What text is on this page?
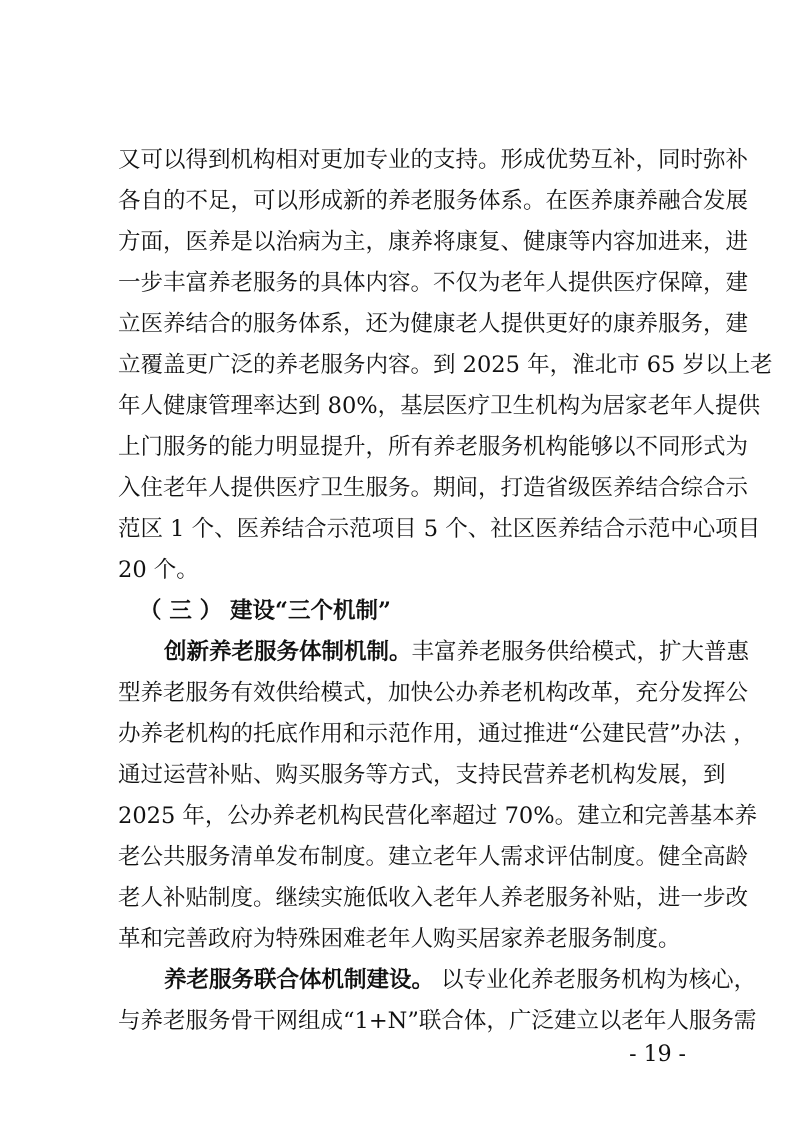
又可以得到机构相对更加专业的支持。形成优势互补，同时弥补
各自的不足，可以形成新的养老服务体系。在医养康养融合发展
方面，医养是以治病为主，康养将康复、健康等内容加进来，进
一步丰富养老服务的具体内容。不仅为老年人提供医疗保障，建
立医养结合的服务体系，还为健康老人提供更好的康养服务，建
立覆盖更广泛的养老服务内容。到 2025 年，淮北市 65 岁以上老
年人健康管理率达到 80%，基层医疗卫生机构为居家老年人提供
上门服务的能力明显提升，所有养老服务机构能够以不同形式为
入住老年人提供医疗卫生服务。期间，打造省级医养结合综合示
范区 1 个、医养结合示范项目 5 个、社区医养结合示范中心项目
20 个。
（ 三 ） 建设“三个机制”
创新养老服务体制机制。丰富养老服务供给模式，扩大普惠
型养老服务有效供给模式，加快公办养老机构改革，充分发挥公
办养老机构的托底作用和示范作用，通过推进“公建民营”办法 ，
通过运营补贴、购买服务等方式，支持民营养老机构发展，到
2025 年，公办养老机构民营化率超过 70%。建立和完善基本养
老公共服务清单发布制度。建立老年人需求评估制度。健全高龄
老人补贴制度。继续实施低收入老年人养老服务补贴，进一步改
革和完善政府为特殊困难老年人购买居家养老服务制度。
养老服务联合体机制建设。 以专业化养老服务机构为核心，
与养老服务骨干网组成“1+N”联合体，广泛建立以老年人服务需
- 19 -
